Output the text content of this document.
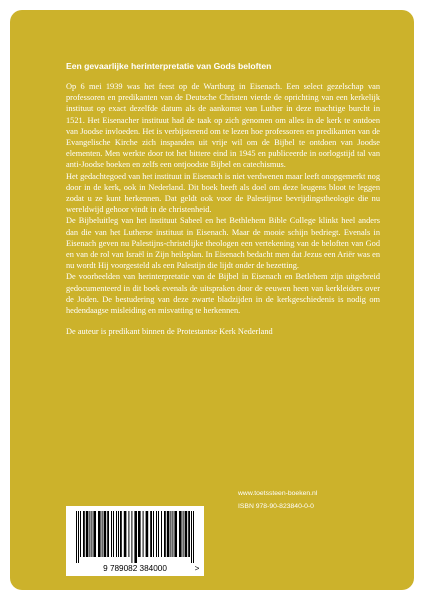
Een gevaarlijke herinterpretatie van Gods beloften

Op 6 mei 1939 was het feest op de Wartburg in Eisenach. Een select gezelschap van professoren en predikanten van de Deutsche Christen vierde de oprichting van een kerkelijk instituut op exact dezelfde datum als de aankomst van Luther in deze machtige burcht in 1521. Het Eisenacher instituut had de taak op zich genomen om alles in de kerk te ontdoen van Joodse invloeden. Het is verbijsterend om te lezen hoe professoren en predikanten van de Evangelische Kirche zich inspanden uit vrije wil om de Bijbel te ontdoen van Joodse elementen. Men werkte door tot het bittere eind in 1945 en publiceerde in oorlogstijd tal van anti-Joodse boeken en zelfs een ontjoodste Bijbel en catechismus.

Het gedachtegoed van het instituut in Eisenach is niet verdwenen maar leeft onopgemerkt nog door in de kerk, ook in Nederland. Dit boek heeft als doel om deze leugens bloot te leggen zodat u ze kunt herkennen. Dat geldt ook voor de Palestijnse bevrijdingstheologie die nu wereldwijd gehoor vindt in de christenheid.

De Bijbeluitleg van het instituut Sabeel en het Bethlehem Bible College klinkt heel anders dan die van het Lutherse instituut in Eisenach. Maar de mooie schijn bedriegt. Evenals in Eisenach geven nu Palestijns-christelijke theologen een vertekening van de beloften van God en van de rol van Israël in Zijn heilsplan. In Eisenach bedacht men dat Jezus een Ariër was en nu wordt Hij voorgesteld als een Palestijn die lijdt onder de bezetting.

De voorbeelden van herinterpretatie van de Bijbel in Eisenach en Betlehem zijn uitgebreid gedocumenteerd in dit boek evenals de uitspraken door de eeuwen heen van kerkleiders over de Joden. De bestudering van deze zwarte bladzijden in de kerkgeschiedenis is nodig om hedendaagse misleiding en misvatting te herkennen.

De auteur is predikant binnen de Protestantse Kerk Nederland

www.toetssteen-boeken.nl
ISBN 978-90-823840-0-0
9 789082 384000	>
